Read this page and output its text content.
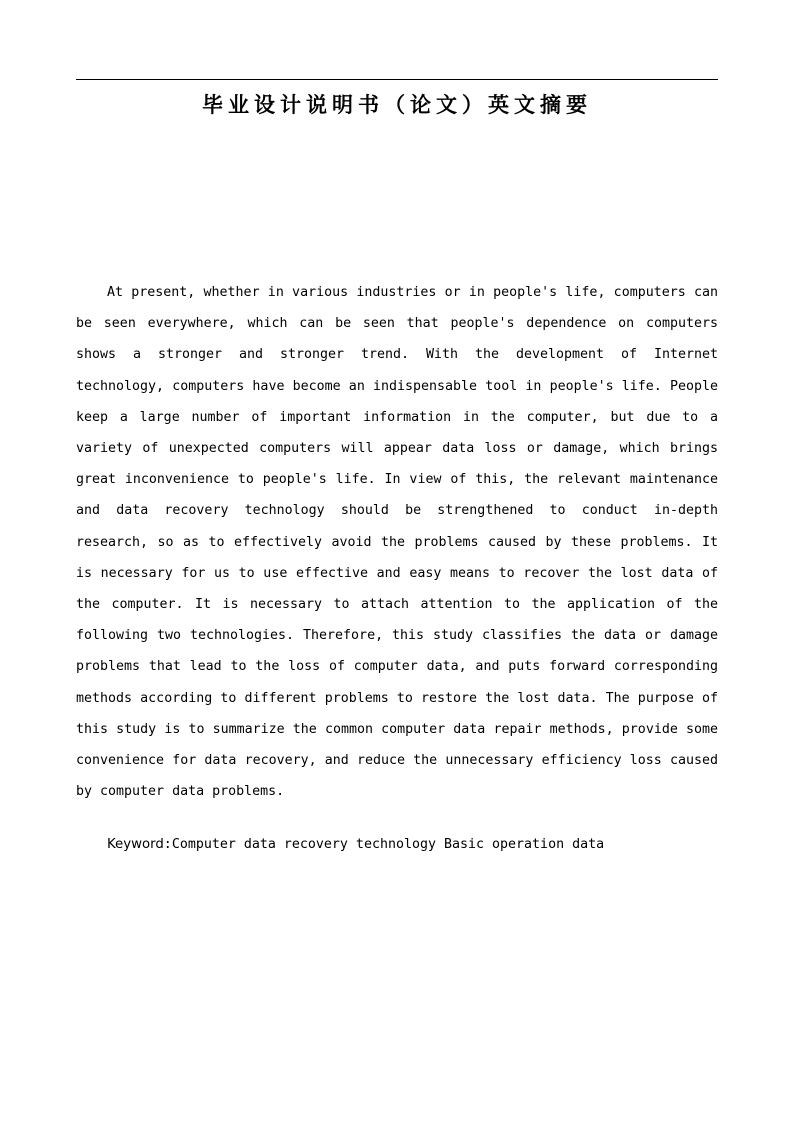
毕业设计说明书（论文）英文摘要

At present, whether in various industries or in people's life, computers can be seen everywhere, which can be seen that people's dependence on computers shows a stronger and stronger trend. With the development of Internet technology, computers have become an indispensable tool in people's life. People keep a large number of important information in the computer, but due to a variety of unexpected computers will appear data loss or damage, which brings great inconvenience to people's life. In view of this, the relevant maintenance and data recovery technology should be strengthened to conduct in-depth research, so as to effectively avoid the problems caused by these problems. It is necessary for us to use effective and easy means to recover the lost data of the computer. It is necessary to attach attention to the application of the following two technologies. Therefore, this study classifies the data or damage problems that lead to the loss of computer data, and puts forward corresponding methods according to different problems to restore the lost data. The purpose of this study is to summarize the common computer data repair methods, provide some convenience for data recovery, and reduce the unnecessary efficiency loss caused by computer data problems.

Keyword:Computer data recovery technology Basic operation data
